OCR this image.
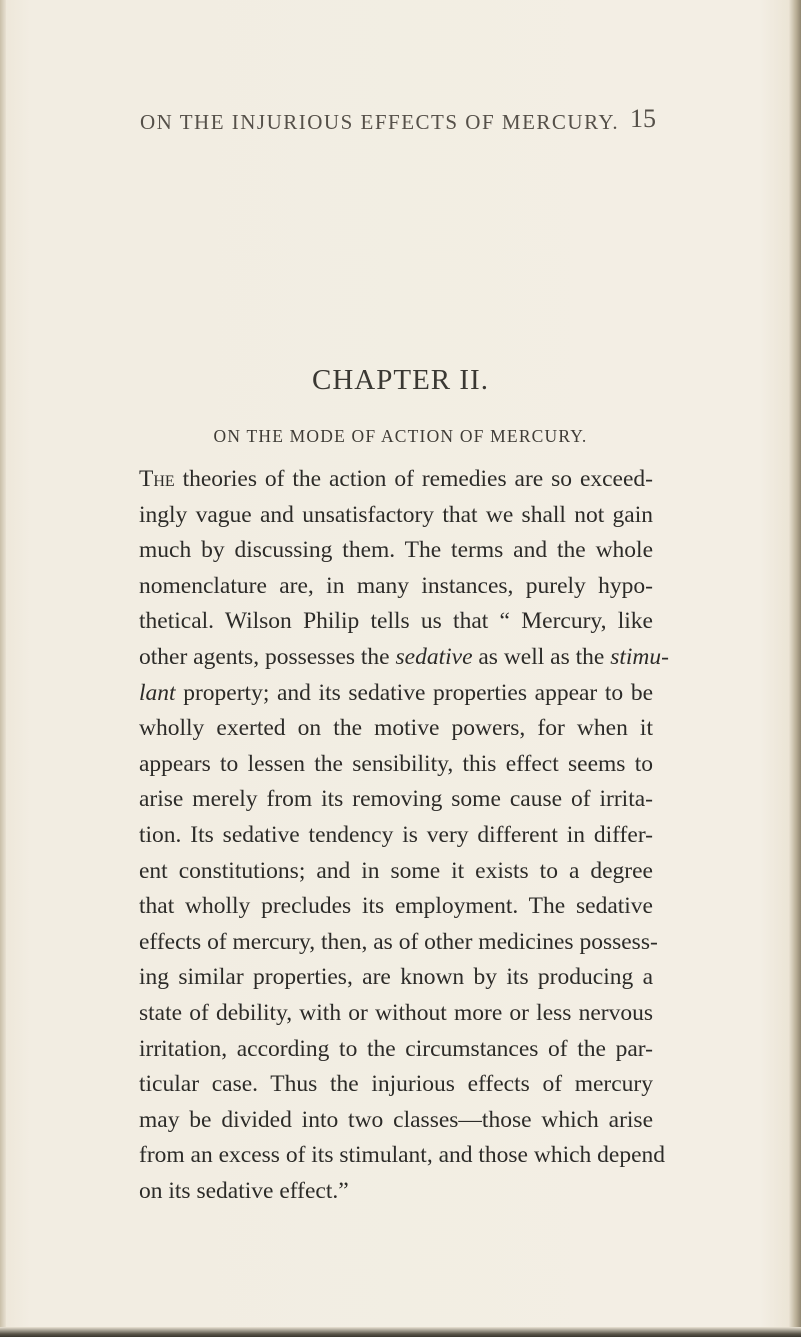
ON THE INJURIOUS EFFECTS OF MERCURY. 15
CHAPTER II.
ON THE MODE OF ACTION OF MERCURY.
The theories of the action of remedies are so exceed-
ingly vague and unsatisfactory that we shall not gain
much by discussing them. The terms and the whole
nomenclature are, in many instances, purely hypo-
thetical. Wilson Philip tells us that “ Mercury, like
other agents, possesses the sedative as well as the stimu-
lant property; and its sedative properties appear to be
wholly exerted on the motive powers, for when it
appears to lessen the sensibility, this effect seems to
arise merely from its removing some cause of irrita-
tion. Its sedative tendency is very different in differ-
ent constitutions; and in some it exists to a degree
that wholly precludes its employment. The sedative
effects of mercury, then, as of other medicines possess-
ing similar properties, are known by its producing a
state of debility, with or without more or less nervous
irritation, according to the circumstances of the par-
ticular case. Thus the injurious effects of mercury
may be divided into two classes—those which arise
from an excess of its stimulant, and those which depend
on its sedative effect.”
